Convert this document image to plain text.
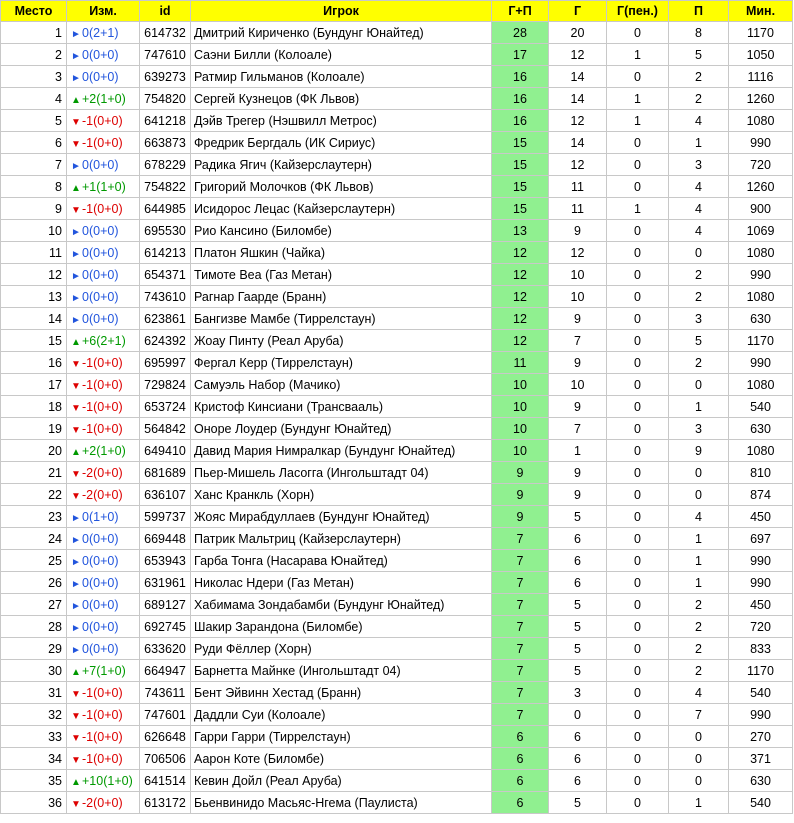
Место	Изм.	id	Игрок	Г+П	Г	Г(пен.)	П	Мин.
1	►0(2+1)	614732	Дмитрий Кириченко (Бундунг Юнайтед)	28	20	0	8	1170
2	►0(0+0)	747610	Саэни Билли (Колоале)	17	12	1	5	1050
3	►0(0+0)	639273	Ратмир Гильманов (Колоале)	16	14	0	2	1116
4	▲+2(1+0)	754820	Сергей Кузнецов (ФК Львов)	16	14	1	2	1260
5	▼-1(0+0)	641218	Дэйв Трегер (Нэшвилл Метрос)	16	12	1	4	1080
6	▼-1(0+0)	663873	Фредрик Бергдаль (ИК Сириус)	15	14	0	1	990
7	►0(0+0)	678229	Радика Ягич (Кайзерслаутерн)	15	12	0	3	720
8	▲+1(1+0)	754822	Григорий Молочков (ФК Львов)	15	11	0	4	1260
9	▼-1(0+0)	644985	Исидорос Лецас (Кайзерслаутерн)	15	11	1	4	900
10	►0(0+0)	695530	Рио Кансино (Биломбе)	13	9	0	4	1069
11	►0(0+0)	614213	Платон Яшкин (Чайка)	12	12	0	0	1080
12	►0(0+0)	654371	Тимоте Веа (Газ Метан)	12	10	0	2	990
13	►0(0+0)	743610	Рагнар Гаарде (Бранн)	12	10	0	2	1080
14	►0(0+0)	623861	Бангизве Мамбе (Тиррелстаун)	12	9	0	3	630
15	▲+6(2+1)	624392	Жоау Пинту (Реал Аруба)	12	7	0	5	1170
16	▼-1(0+0)	695997	Фергал Керр (Тиррелстаун)	11	9	0	2	990
17	▼-1(0+0)	729824	Самуэль Набор (Мачико)	10	10	0	0	1080
18	▼-1(0+0)	653724	Кристоф Кинсиани (Трансвааль)	10	9	0	1	540
19	▼-1(0+0)	564842	Оноре Лоудер (Бундунг Юнайтед)	10	7	0	3	630
20	▲+2(1+0)	649410	Давид Мария Нимралкар (Бундунг Юнайтед)	10	1	0	9	1080
21	▼-2(0+0)	681689	Пьер-Мишель Ласогга (Ингольштадт 04)	9	9	0	0	810
22	▼-2(0+0)	636107	Ханс Кранкль (Хорн)	9	9	0	0	874
23	►0(1+0)	599737	Жояс Мирабдуллаев (Бундунг Юнайтед)	9	5	0	4	450
24	►0(0+0)	669448	Патрик Мальтриц (Кайзерслаутерн)	7	6	0	1	697
25	►0(0+0)	653943	Гарба Тонга (Насарава Юнайтед)	7	6	0	1	990
26	►0(0+0)	631961	Николас Ндери (Газ Метан)	7	6	0	1	990
27	►0(0+0)	689127	Хабимама Зондабамби (Бундунг Юнайтед)	7	5	0	2	450
28	►0(0+0)	692745	Шакир Зарандона (Биломбе)	7	5	0	2	720
29	►0(0+0)	633620	Руди Фёллер (Хорн)	7	5	0	2	833
30	▲+7(1+0)	664947	Барнетта Майнке (Ингольштадт 04)	7	5	0	2	1170
31	▼-1(0+0)	743611	Бент Эйвинн Хестад (Бранн)	7	3	0	4	540
32	▼-1(0+0)	747601	Даддли Суи (Колоале)	7	0	0	7	990
33	▼-1(0+0)	626648	Гарри Гарри (Тиррелстаун)	6	6	0	0	270
34	▼-1(0+0)	706506	Аарон Коте (Биломбе)	6	6	0	0	371
35	▲+10(1+0)	641514	Кевин Дойл (Реал Аруба)	6	6	0	0	630
36	▼-2(0+0)	613172	Бьенвинидо Масьяс-Нгема (Паулиста)	6	5	0	1	540
